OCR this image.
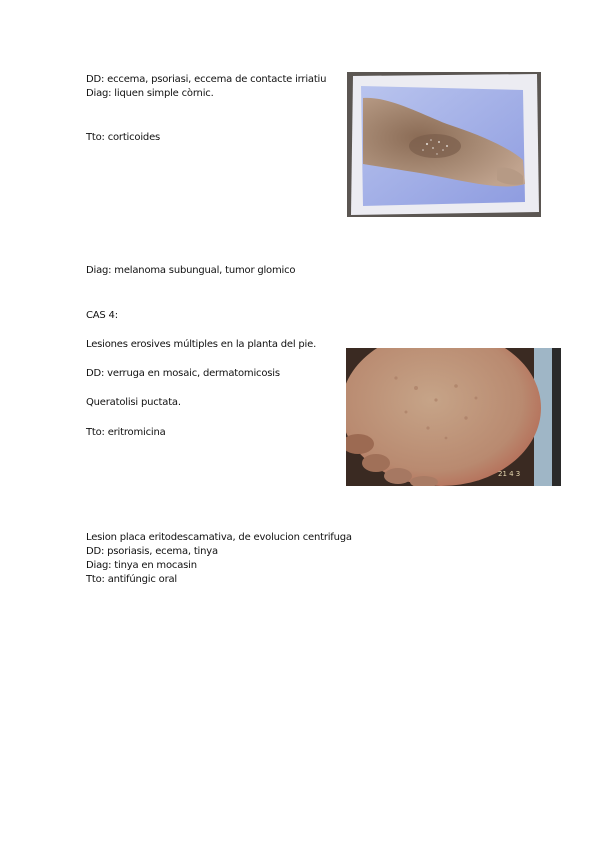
DD: eccema, psoriasi, eccema de contacte irriatiu
Diag: liquen simple còrnic.
Tto: corticoides
Diag: melanoma subungual, tumor glomico
CAS 4:
Lesiones erosives múltiples en la planta del pie.
DD: verruga en mosaic, dermatomicosis
Queratolisi puctata.
Tto: eritromicina
21 4 3
Lesion placa eritodescamativa, de evolucion centrifuga
DD: psoriasis, ecema, tinya
Diag: tinya en mocasin
Tto: antifúngic oral
